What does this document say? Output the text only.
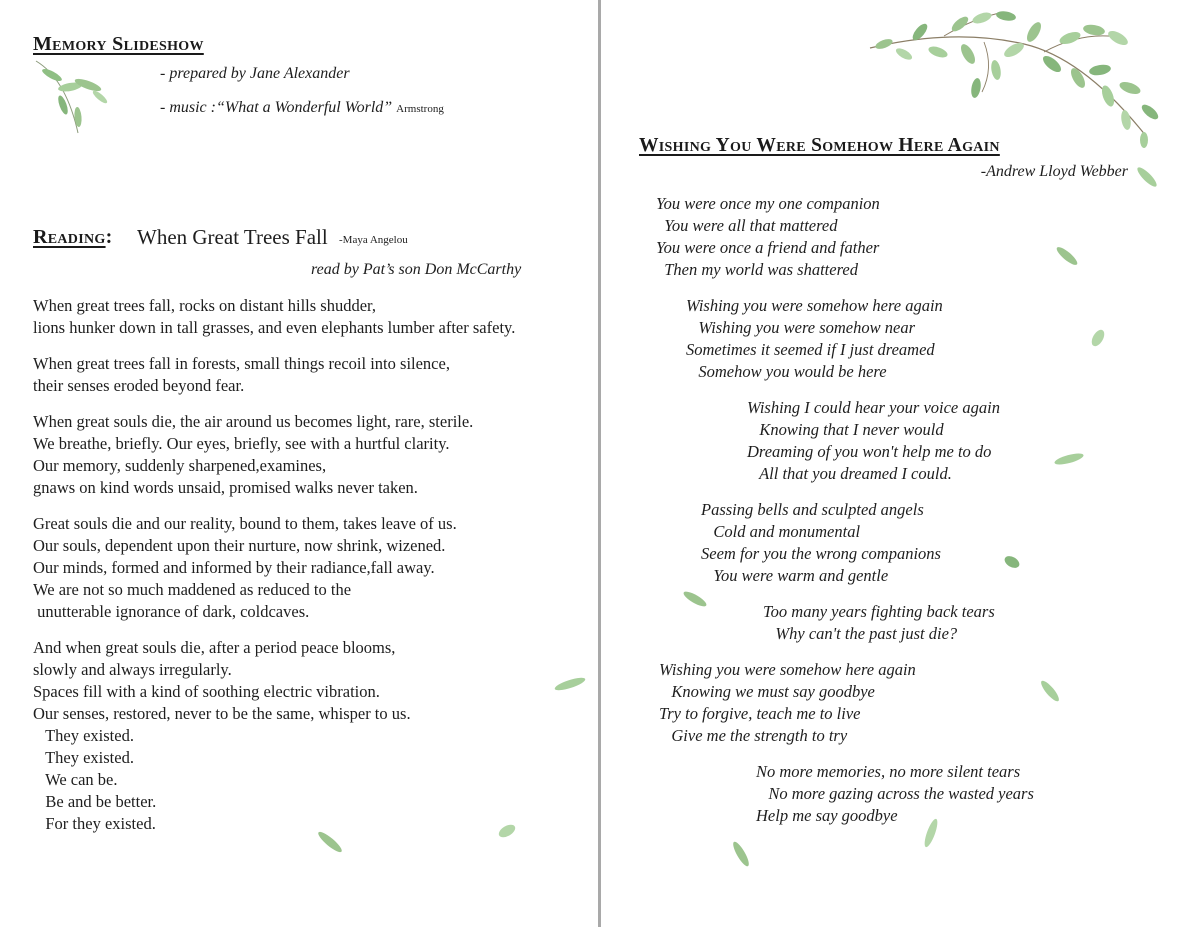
Memory Slideshow
- prepared by Jane Alexander
- music :“What a Wonderful World” Armstrong
Reading: When Great Trees Fall -Maya Angelou
read by Pat’s son Don McCarthy
When great trees fall, rocks on distant hills shudder,
lions hunker down in tall grasses, and even elephants lumber after safety.
When great trees fall in forests, small things recoil into silence,
their senses eroded beyond fear.
When great souls die, the air around us becomes light, rare, sterile.
We breathe, briefly. Our eyes, briefly, see with a hurtful clarity.
Our memory, suddenly sharpened,examines,
gnaws on kind words unsaid, promised walks never taken.
Great souls die and our reality, bound to them, takes leave of us.
Our souls, dependent upon their nurture, now shrink, wizened.
Our minds, formed and informed by their radiance,fall away.
We are not so much maddened as reduced to the
unutterable ignorance of dark, coldcaves.
And when great souls die, after a period peace blooms,
slowly and always irregularly.
Spaces fill with a kind of soothing electric vibration.
Our senses, restored, never to be the same, whisper to us.
They existed.
They existed.
We can be.
Be and be better.
For they existed.
Wishing You Were Somehow Here Again
-Andrew Lloyd Webber
You were once my one companion
You were all that mattered
You were once a friend and father
Then my world was shattered
Wishing you were somehow here again
Wishing you were somehow near
Sometimes it seemed if I just dreamed
Somehow you would be here
Wishing I could hear your voice again
Knowing that I never would
Dreaming of you won't help me to do
All that you dreamed I could.
Passing bells and sculpted angels
Cold and monumental
Seem for you the wrong companions
You were warm and gentle
Too many years fighting back tears
Why can't the past just die?
Wishing you were somehow here again
Knowing we must say goodbye
Try to forgive, teach me to live
Give me the strength to try
No more memories, no more silent tears
No more gazing across the wasted years
Help me say goodbye
